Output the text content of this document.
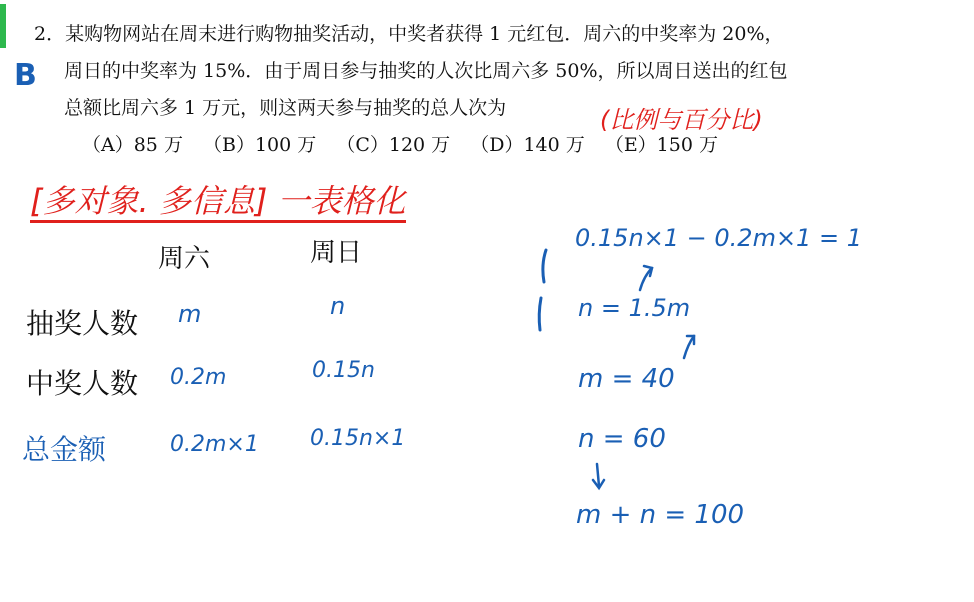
2．某购物网站在周末进行购物抽奖活动，中奖者获得 1 元红包．周六的中奖率为 20%，
周日的中奖率为 15%．由于周日参与抽奖的人次比周六多 50%，所以周日送出的红包
总额比周六多 1 万元，则这两天参与抽奖的总人次为
（A）85 万 （B）100 万 （C）120 万 （D）140 万 （E）150 万
B
(比例与百分比)
[多对象. 多信息] 一表格化
周六	周日
抽奖人数 m	n
中奖人数 0.2m	0.15n
总金额	0.2m×1 0.15n×1
0.15n×1 − 0.2m×1 = 1
n = 1.5m
m = 40
n = 60
m + n = 100
